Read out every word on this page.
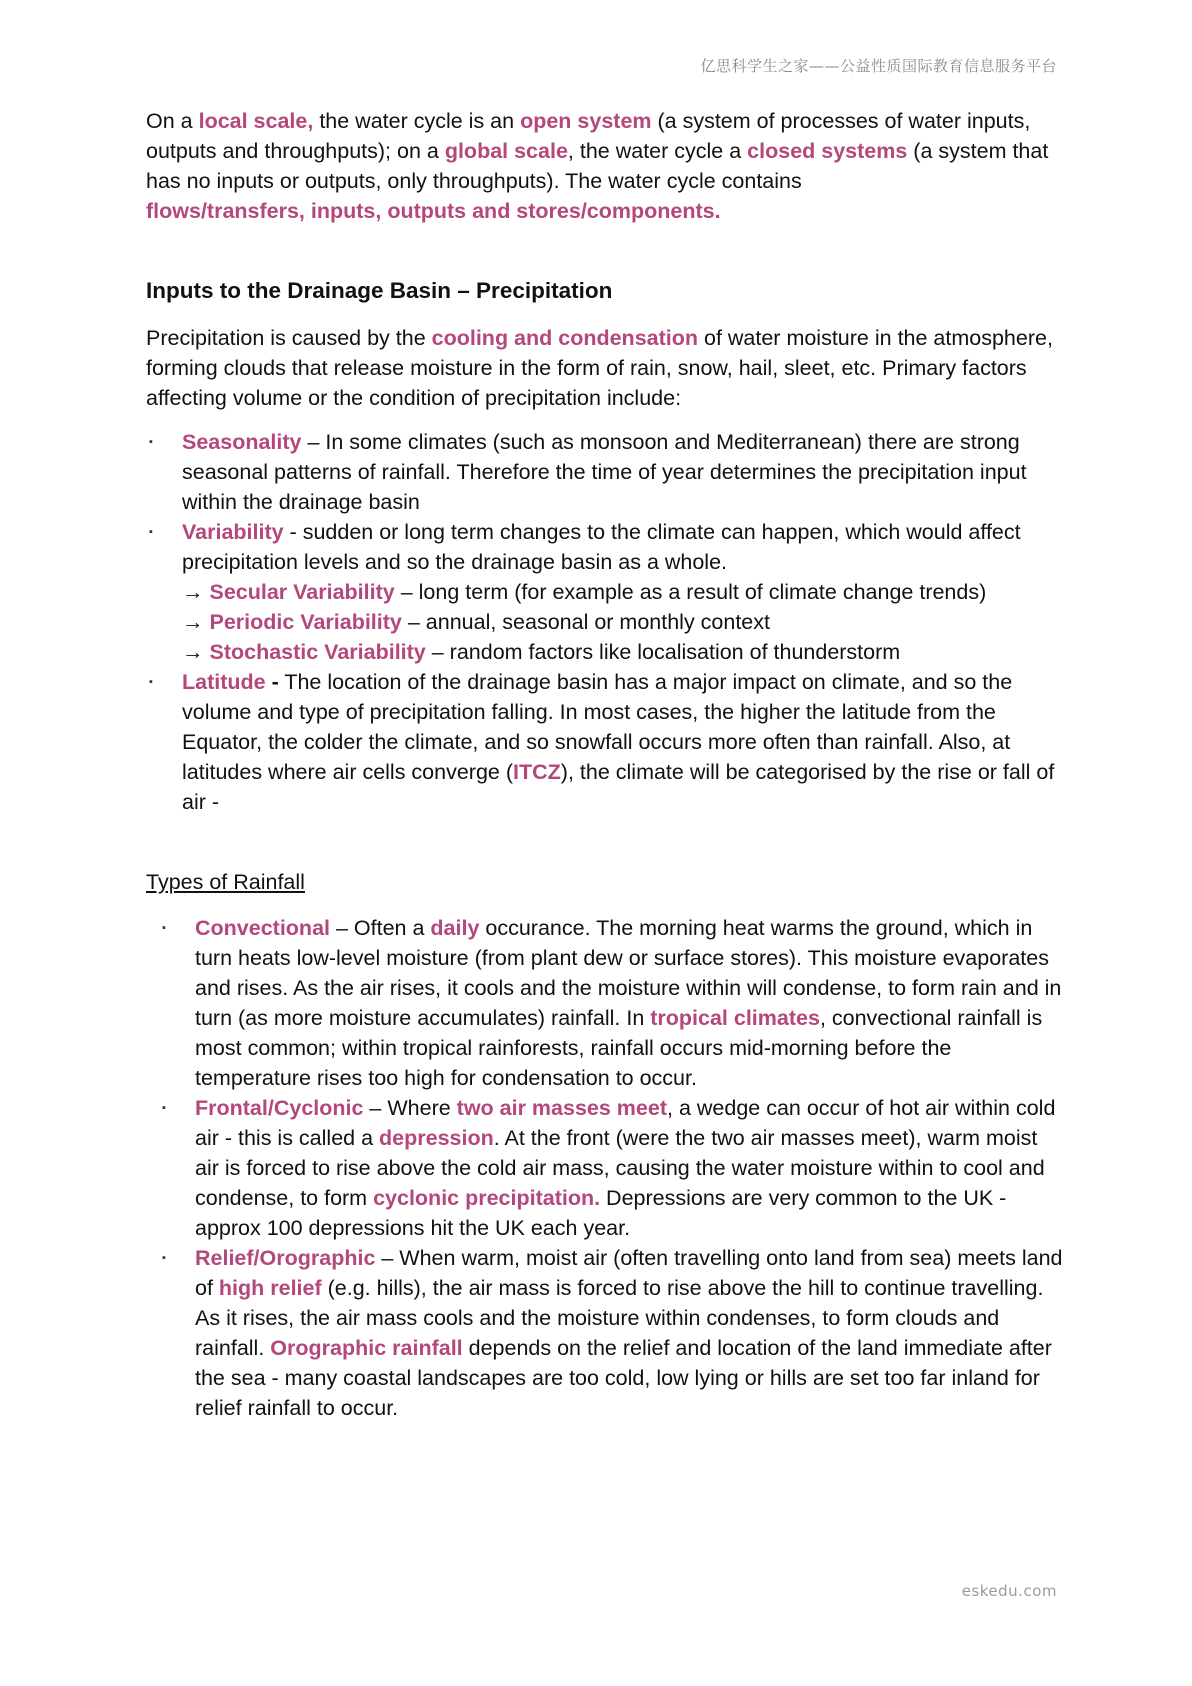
亿思科学生之家——公益性质国际教育信息服务平台

On a local scale, the water cycle is an open system (a system of processes of water inputs, outputs and throughputs); on a global scale, the water cycle a closed systems (a system that has no inputs or outputs, only throughputs). The water cycle contains
flows/transfers, inputs, outputs and stores/components.

Inputs to the Drainage Basin – Precipitation

Precipitation is caused by the cooling and condensation of water moisture in the atmosphere, forming clouds that release moisture in the form of rain, snow, hail, sleet, etc. Primary factors affecting volume or the condition of precipitation include:

▪ Seasonality – In some climates (such as monsoon and Mediterranean) there are strong seasonal patterns of rainfall. Therefore the time of year determines the precipitation input within the drainage basin
▪ Variability - sudden or long term changes to the climate can happen, which would affect precipitation levels and so the drainage basin as a whole.
→ Secular Variability – long term (for example as a result of climate change trends)
→ Periodic Variability – annual, seasonal or monthly context
→ Stochastic Variability – random factors like localisation of thunderstorm
▪ Latitude - The location of the drainage basin has a major impact on climate, and so the volume and type of precipitation falling. In most cases, the higher the latitude from the Equator, the colder the climate, and so snowfall occurs more often than rainfall. Also, at latitudes where air cells converge (ITCZ), the climate will be categorised by the rise or fall of air -

Types of Rainfall

▪ Convectional – Often a daily occurance. The morning heat warms the ground, which in turn heats low-level moisture (from plant dew or surface stores). This moisture evaporates and rises. As the air rises, it cools and the moisture within will condense, to form rain and in turn (as more moisture accumulates) rainfall. In tropical climates, convectional rainfall is most common; within tropical rainforests, rainfall occurs mid-morning before the temperature rises too high for condensation to occur.
▪ Frontal/Cyclonic – Where two air masses meet, a wedge can occur of hot air within cold air - this is called a depression. At the front (were the two air masses meet), warm moist air is forced to rise above the cold air mass, causing the water moisture within to cool and condense, to form cyclonic precipitation. Depressions are very common to the UK - approx 100 depressions hit the UK each year.
▪ Relief/Orographic – When warm, moist air (often travelling onto land from sea) meets land of high relief (e.g. hills), the air mass is forced to rise above the hill to continue travelling. As it rises, the air mass cools and the moisture within condenses, to form clouds and rainfall. Orographic rainfall depends on the relief and location of the land immediate after the sea - many coastal landscapes are too cold, low lying or hills are set too far inland for relief rainfall to occur.
eskedu.com
